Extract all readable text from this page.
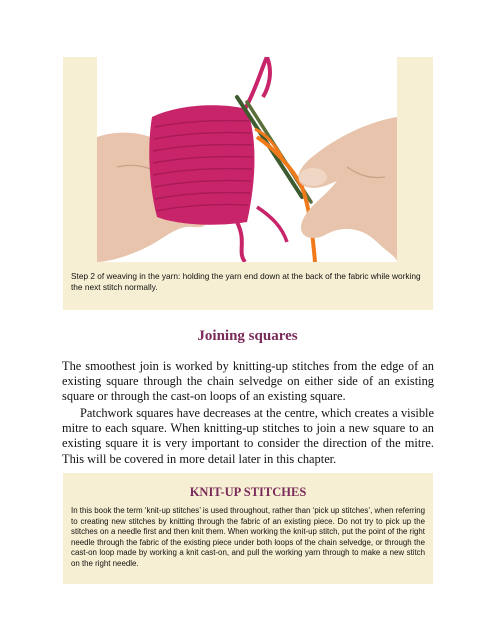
Step 2 of weaving in the yarn: holding the yarn end down at the back of the fabric while working the next stitch normally.

Joining squares

The smoothest join is worked by knitting-up stitches from the edge of an existing square through the chain selvedge on either side of an existing square or through the cast-on loops of an existing square.

Patchwork squares have decreases at the centre, which creates a visible mitre to each square. When knitting-up stitches to join a new square to an existing square it is very important to consider the direction of the mitre. This will be covered in more detail later in this chapter.

KNIT-UP STITCHES

In this book the term ‘knit-up stitches’ is used throughout, rather than ‘pick up stitches’, when referring to creating new stitches by knitting through the fabric of an existing piece. Do not try to pick up the stitches on a needle first and then knit them. When working the knit-up stitch, put the point of the right needle through the fabric of the existing piece under both loops of the chain selvedge, or through the cast-on loop made by working a knit cast-on, and pull the working yarn through to make a new stitch on the right needle.
